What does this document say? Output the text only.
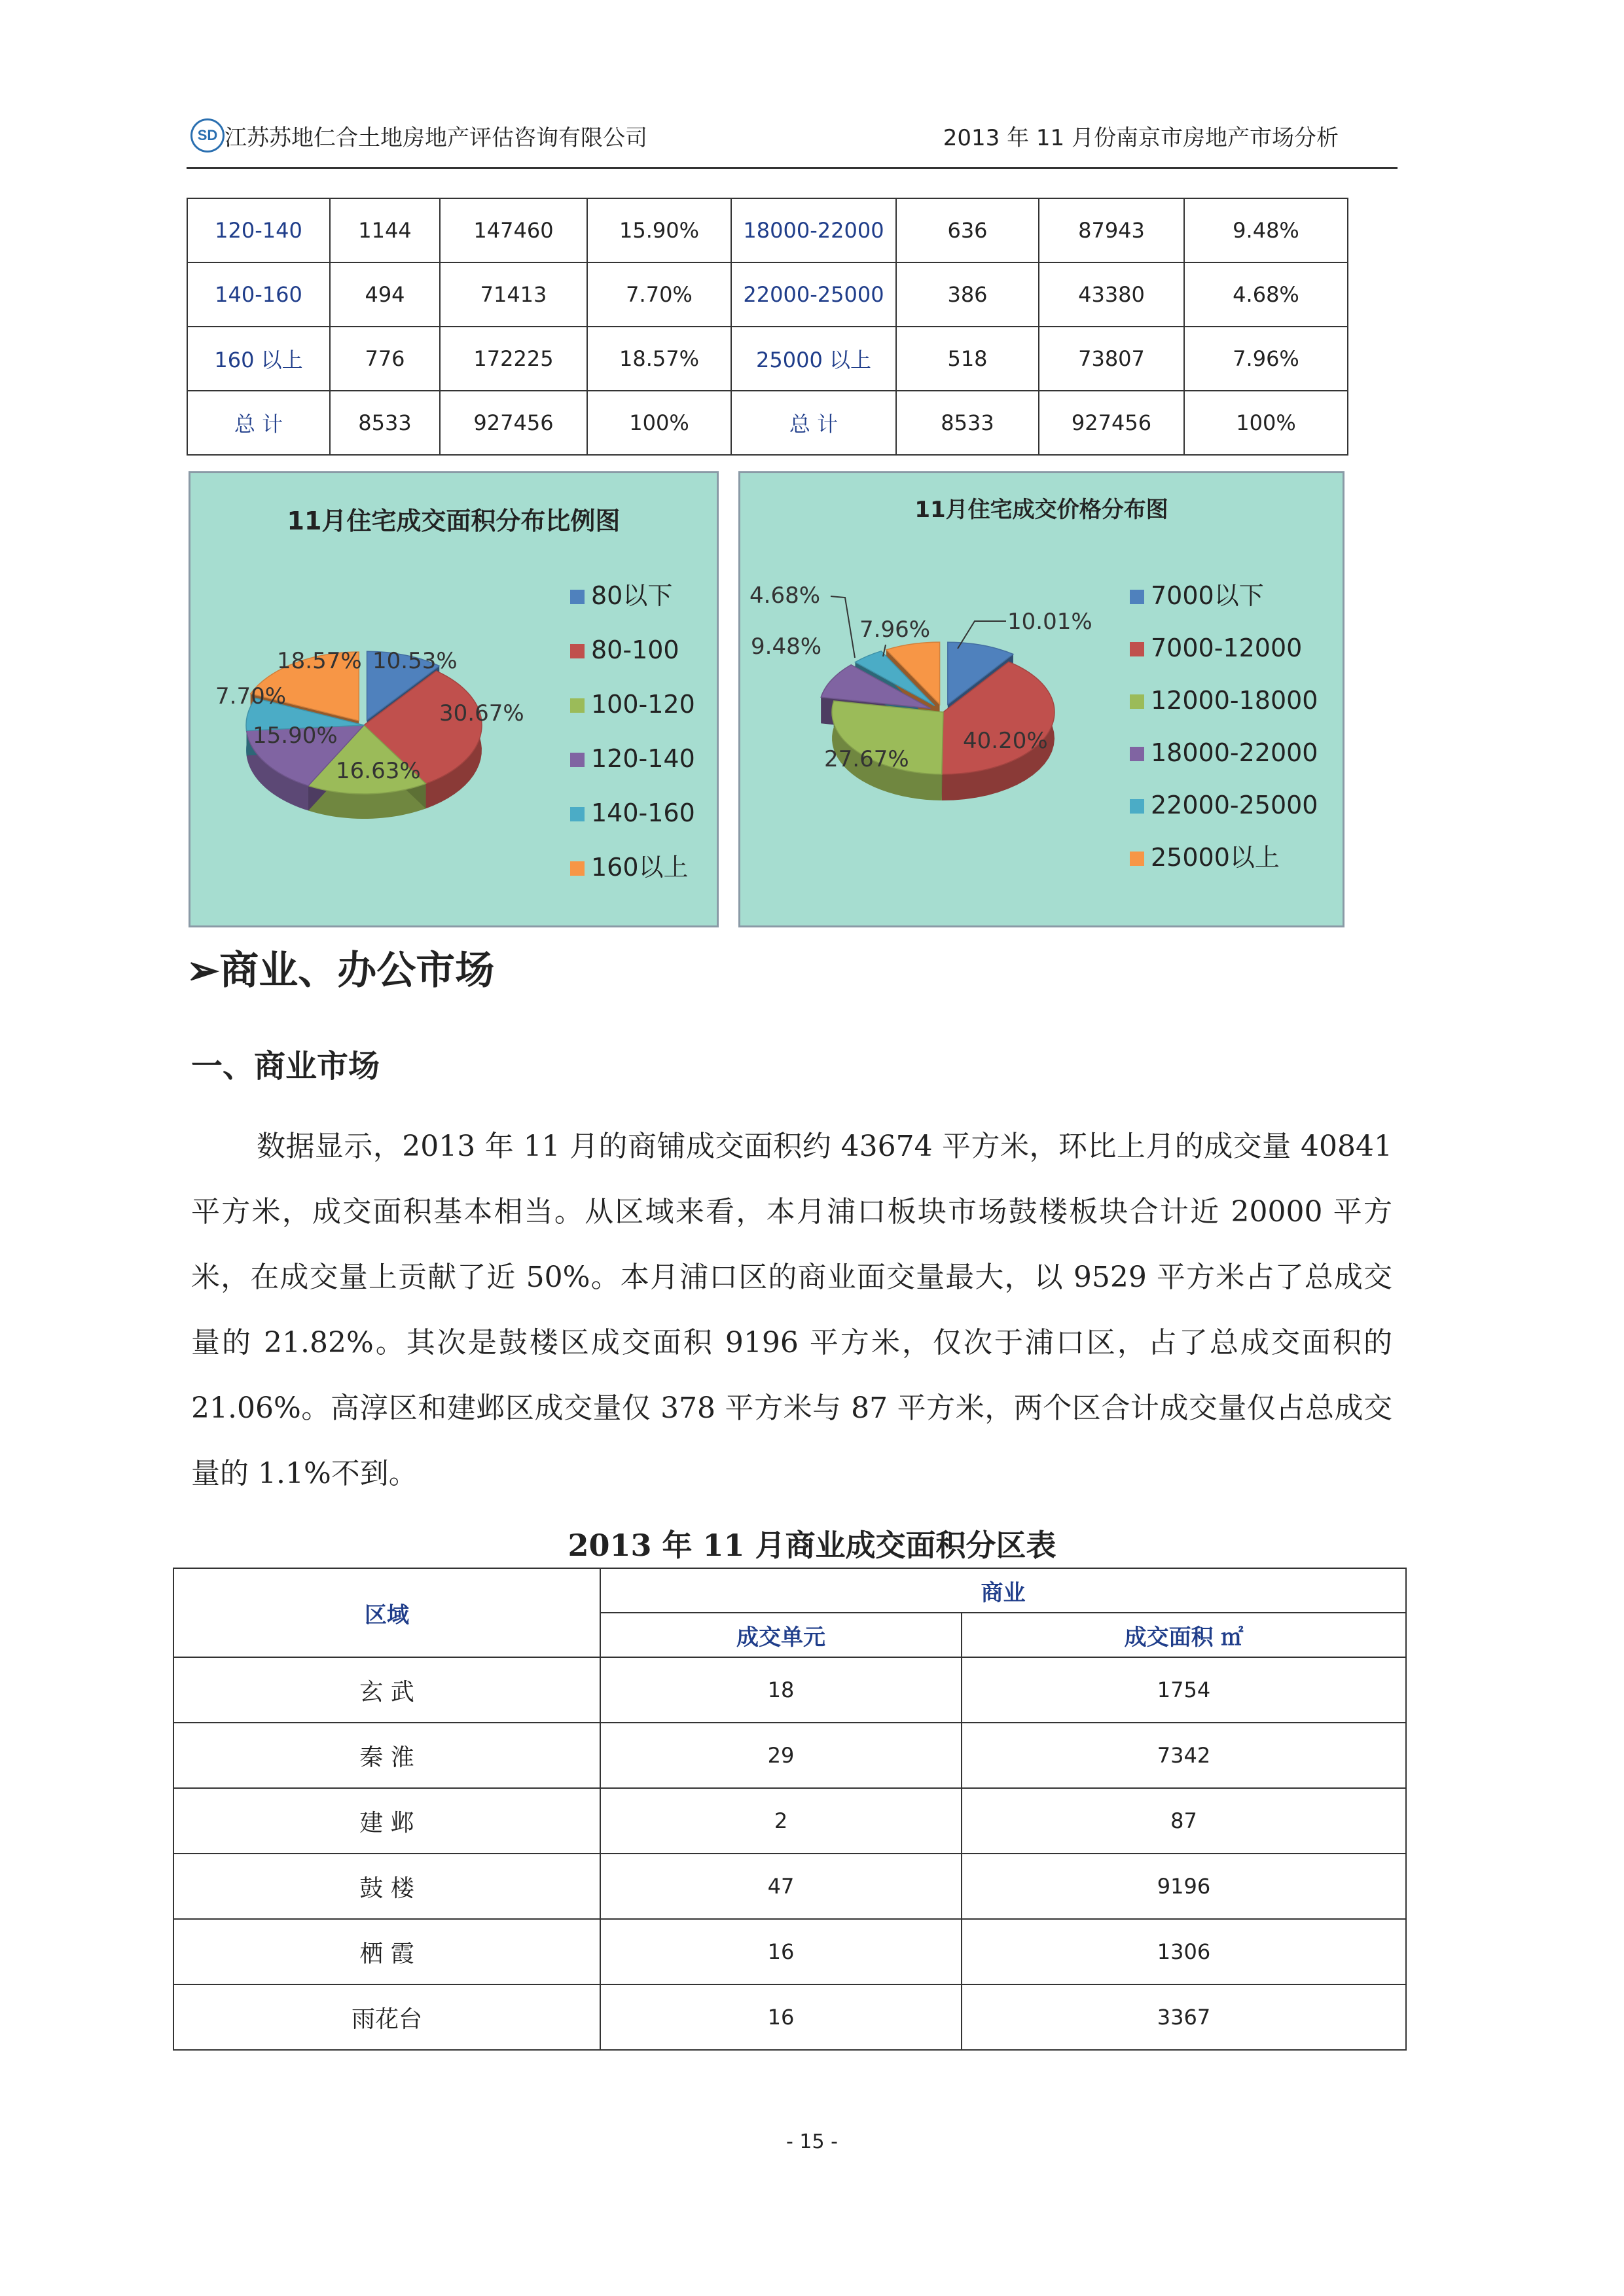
SD 江苏苏地仁合土地房地产评估咨询有限公司	2013 年 11 月份南京市房地产市场分析
120-140	1144	147460	15.90%	18000-22000	636	87943	9.48%
140-160	494	71413	7.70%	22000-25000	386	43380	4.68%
160 以上	776	172225	18.57%	25000 以上	518	73807	7.96%
总 计	8533	927456	100%	总 计	8533	927456	100%
11月住宅成交面积分布比例图
10.53%
30.67%
16.63%
15.90%
7.70%
18.57%
80以下
80-100
100-120
120-140
140-160
160以上
11月住宅成交价格分布图
10.01%
40.20%
27.67%
9.48%
4.68%
7.96%
7000以下
7000-12000
12000-18000
18000-22000
22000-25000
25000以上
➢商业、办公市场
一、商业市场
数据显示，2013 年 11 月的商铺成交面积约 43674 平方米，环比上月的成交量 40841 平方米，成交面积基本相当。从区域来看，本月浦口板块市场鼓楼板块合计近 20000 平方米，在成交量上贡献了近 50%。本月浦口区的商业面交量最大，以 9529 平方米占了总成交量的 21.82%。其次是鼓楼区成交面积 9196 平方米，仅次于浦口区，占了总成交面积的 21.06%。高淳区和建邺区成交量仅 378 平方米与 87 平方米，两个区合计成交量仅占总成交量的 1.1%不到。
2013 年 11 月商业成交面积分区表
区域	商业	
	成交单元	成交面积 ㎡
玄 武	18	1754
秦 淮	29	7342
建 邺	2	87
鼓 楼	47	9196
栖 霞	16	1306
雨花台	16	3367
- 15 -
